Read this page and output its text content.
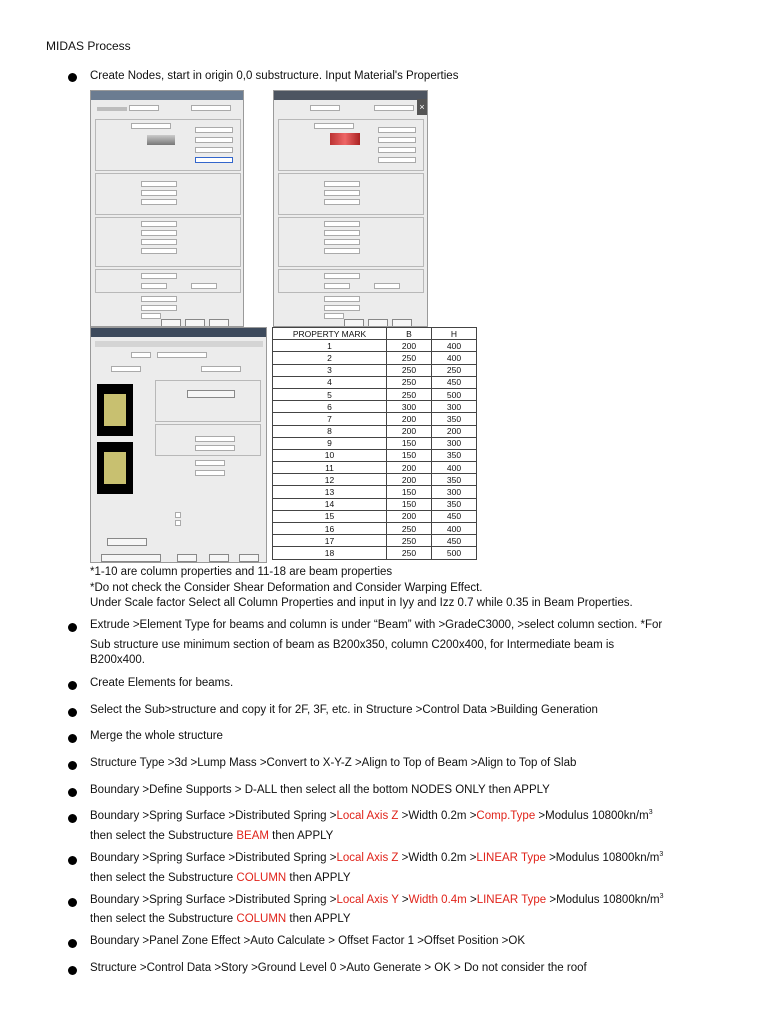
MIDAS Process
Create Nodes, start in origin 0,0 substructure. Input Material's Properties
×
PROPERTY MARK	B	H
1	200	400
2	250	400
3	250	250
4	250	450
5	250	500
6	300	300
7	200	350
8	200	200
9	150	300
10	150	350
11	200	400
12	200	350
13	150	300
14	150	350
15	200	450
16	250	400
17	250	450
18	250	500
*1-10 are column properties and 11-18 are beam properties
*Do not check the Consider Shear Deformation and Consider Warping Effect.
Under Scale factor Select all Column Properties and input in Iyy and Izz 0.7 while 0.35 in Beam Properties.
Extrude >Element Type for beams and column is under “Beam” with >GradeC3000, >select column section. *For
Sub structure use minimum section of beam as B200x350, column C200x400, for Intermediate beam is
B200x400.
Create Elements for beams.
Select the Sub>structure and copy it for 2F, 3F, etc. in Structure >Control Data >Building Generation
Merge the whole structure
Structure Type >3d >Lump Mass >Convert to X-Y-Z >Align to Top of Beam >Align to Top of Slab
Boundary >Define Supports > D-ALL then select all the bottom NODES ONLY then APPLY
Boundary >Spring Surface >Distributed Spring >Local Axis Z >Width 0.2m >Comp.Type >Modulus $10800kn/m^3$
then select the Substructure BEAM then APPLY
Boundary >Spring Surface >Distributed Spring >Local Axis Z >Width 0.2m >LINEAR Type >Modulus $10800kn/m^3$
then select the Substructure COLUMN then APPLY
Boundary >Spring Surface >Distributed Spring >Local Axis Y >Width 0.4m >LINEAR Type >Modulus $10800kn/m^3$
then select the Substructure COLUMN then APPLY
Boundary >Panel Zone Effect >Auto Calculate > Offset Factor 1 >Offset Position >OK
Structure >Control Data >Story >Ground Level 0 >Auto Generate > OK > Do not consider the roof
